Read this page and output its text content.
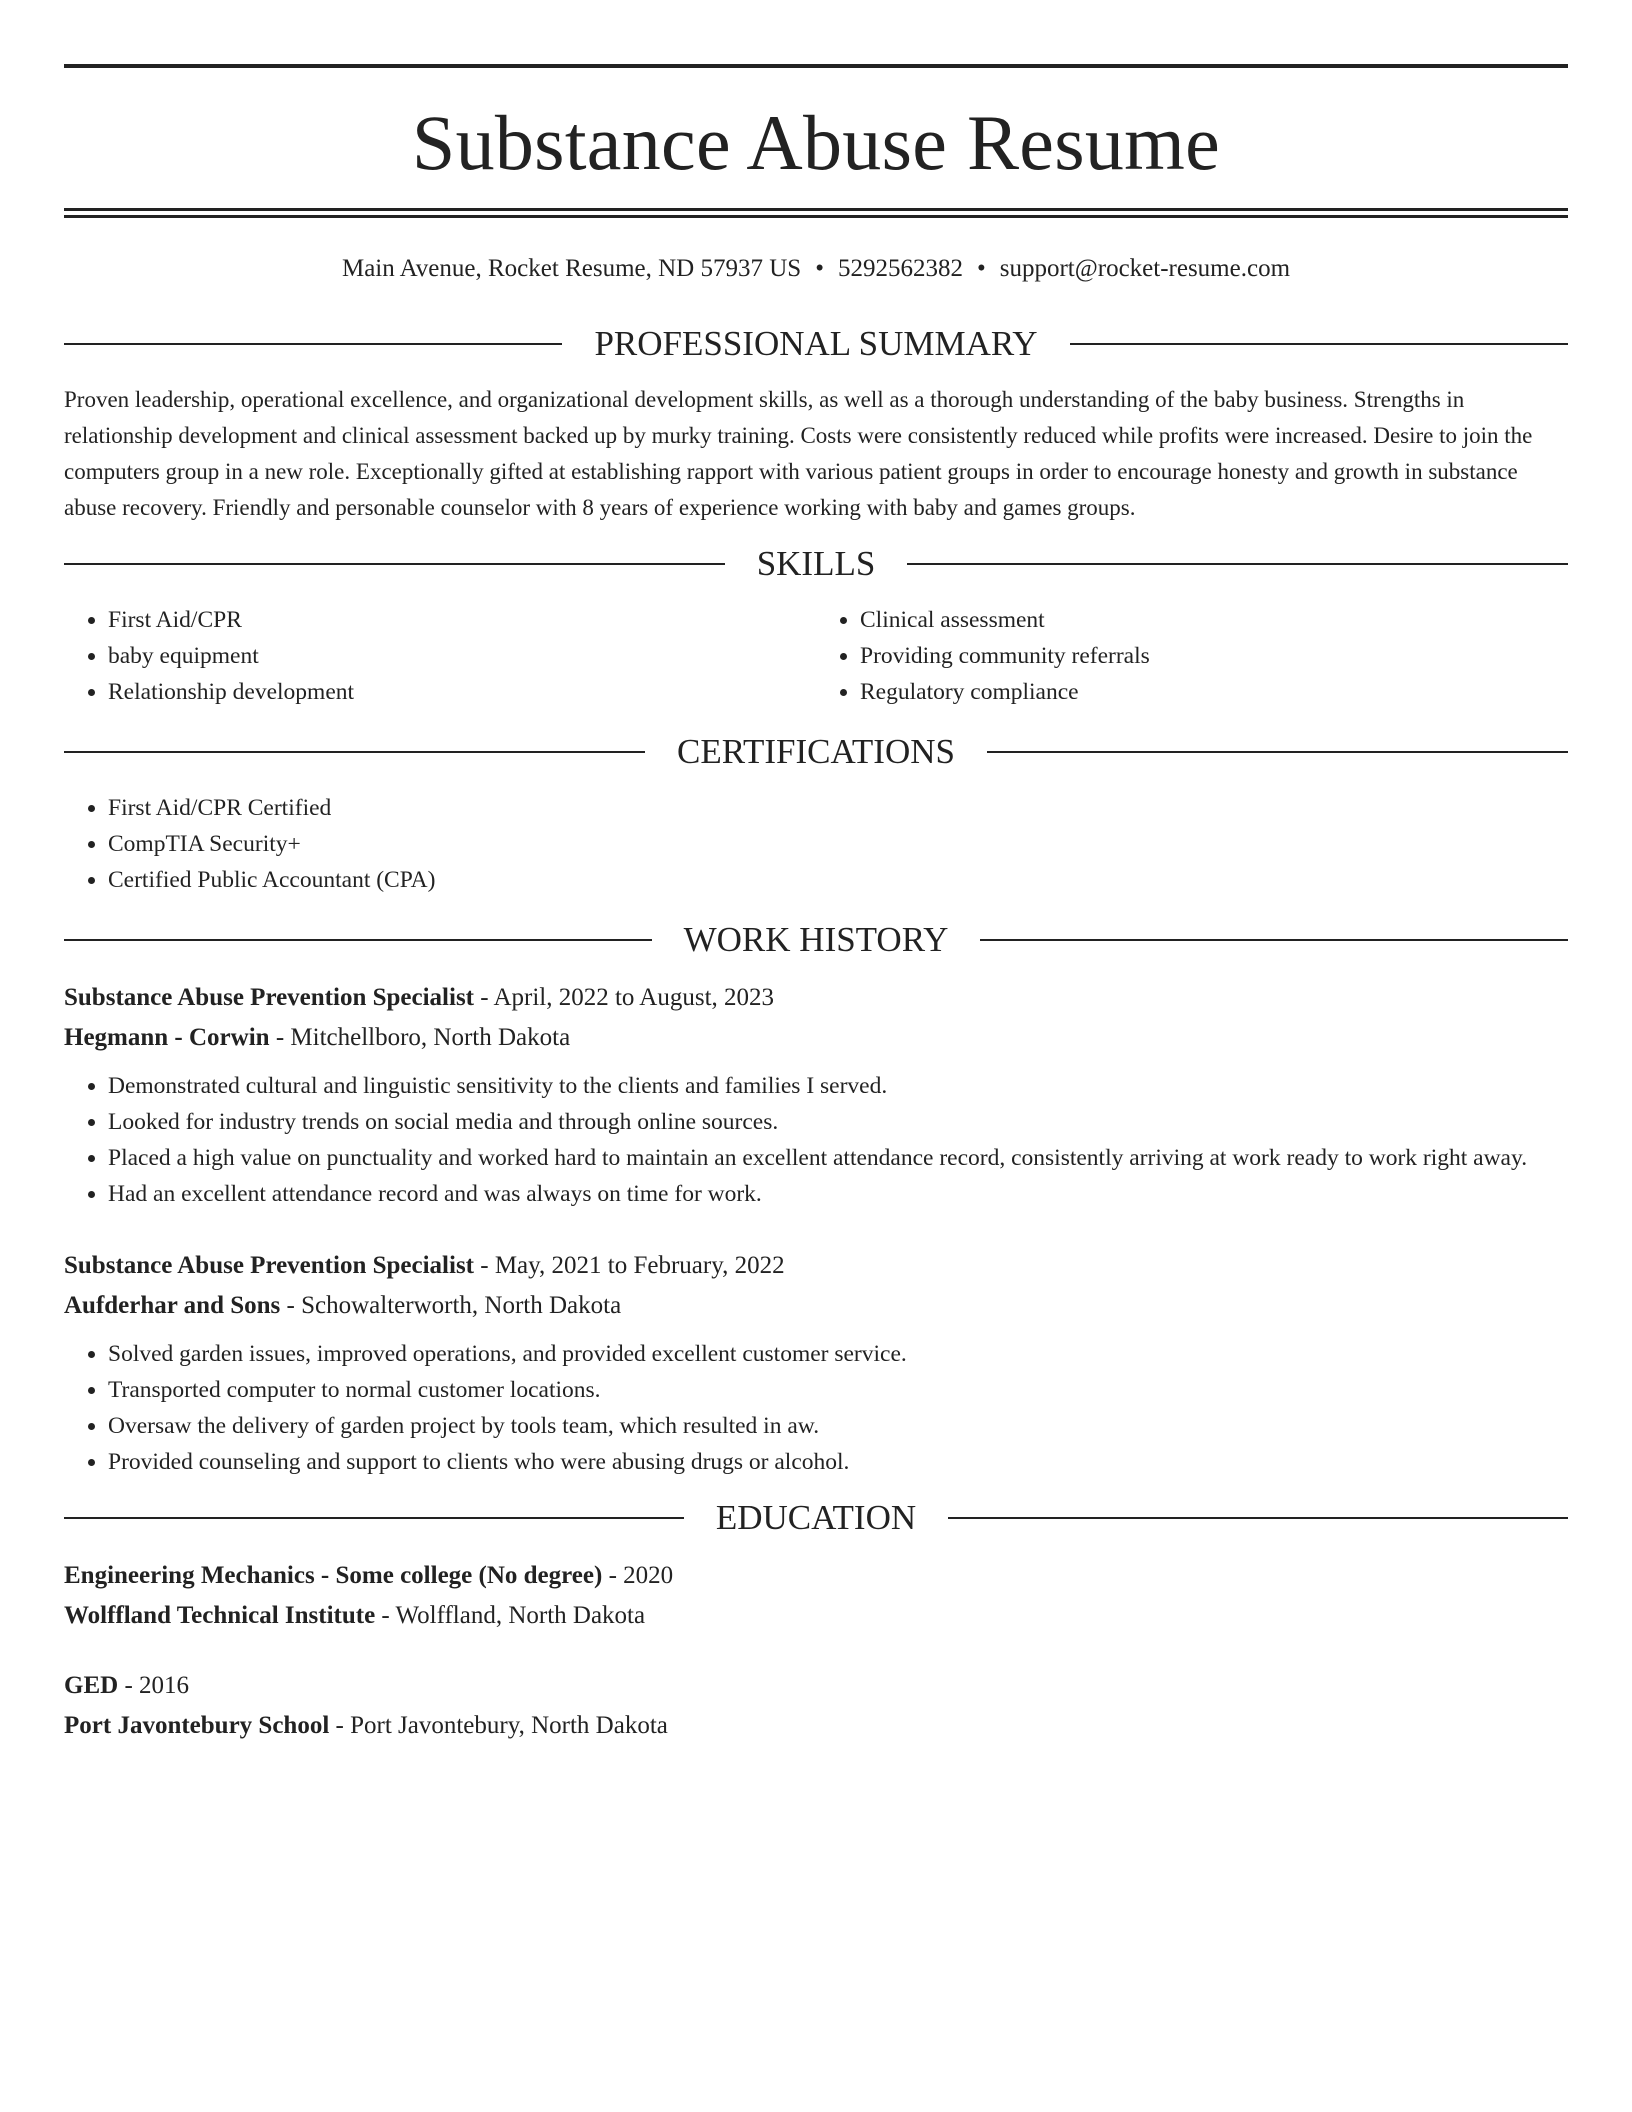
Substance Abuse Resume
Main Avenue, Rocket Resume, ND 57937 US • 5292562382 • support@rocket-resume.com
PROFESSIONAL SUMMARY
Proven leadership, operational excellence, and organizational development skills, as well as a thorough understanding of the baby business. Strengths in relationship development and clinical assessment backed up by murky training. Costs were consistently reduced while profits were increased. Desire to join the computers group in a new role. Exceptionally gifted at establishing rapport with various patient groups in order to encourage honesty and growth in substance abuse recovery. Friendly and personable counselor with 8 years of experience working with baby and games groups.
SKILLS
• First Aid/CPR
• baby equipment
• Relationship development
• Clinical assessment
• Providing community referrals
• Regulatory compliance
CERTIFICATIONS
• First Aid/CPR Certified
• CompTIA Security+
• Certified Public Accountant (CPA)
WORK HISTORY
Substance Abuse Prevention Specialist - April, 2022 to August, 2023
Hegmann - Corwin - Mitchellboro, North Dakota
• Demonstrated cultural and linguistic sensitivity to the clients and families I served.
• Looked for industry trends on social media and through online sources.
• Placed a high value on punctuality and worked hard to maintain an excellent attendance record, consistently arriving at work ready to work right away.
• Had an excellent attendance record and was always on time for work.
Substance Abuse Prevention Specialist - May, 2021 to February, 2022
Aufderhar and Sons - Schowalterworth, North Dakota
• Solved garden issues, improved operations, and provided excellent customer service.
• Transported computer to normal customer locations.
• Oversaw the delivery of garden project by tools team, which resulted in aw.
• Provided counseling and support to clients who were abusing drugs or alcohol.
EDUCATION
Engineering Mechanics - Some college (No degree) - 2020
Wolffland Technical Institute - Wolffland, North Dakota
GED - 2016
Port Javontebury School - Port Javontebury, North Dakota
